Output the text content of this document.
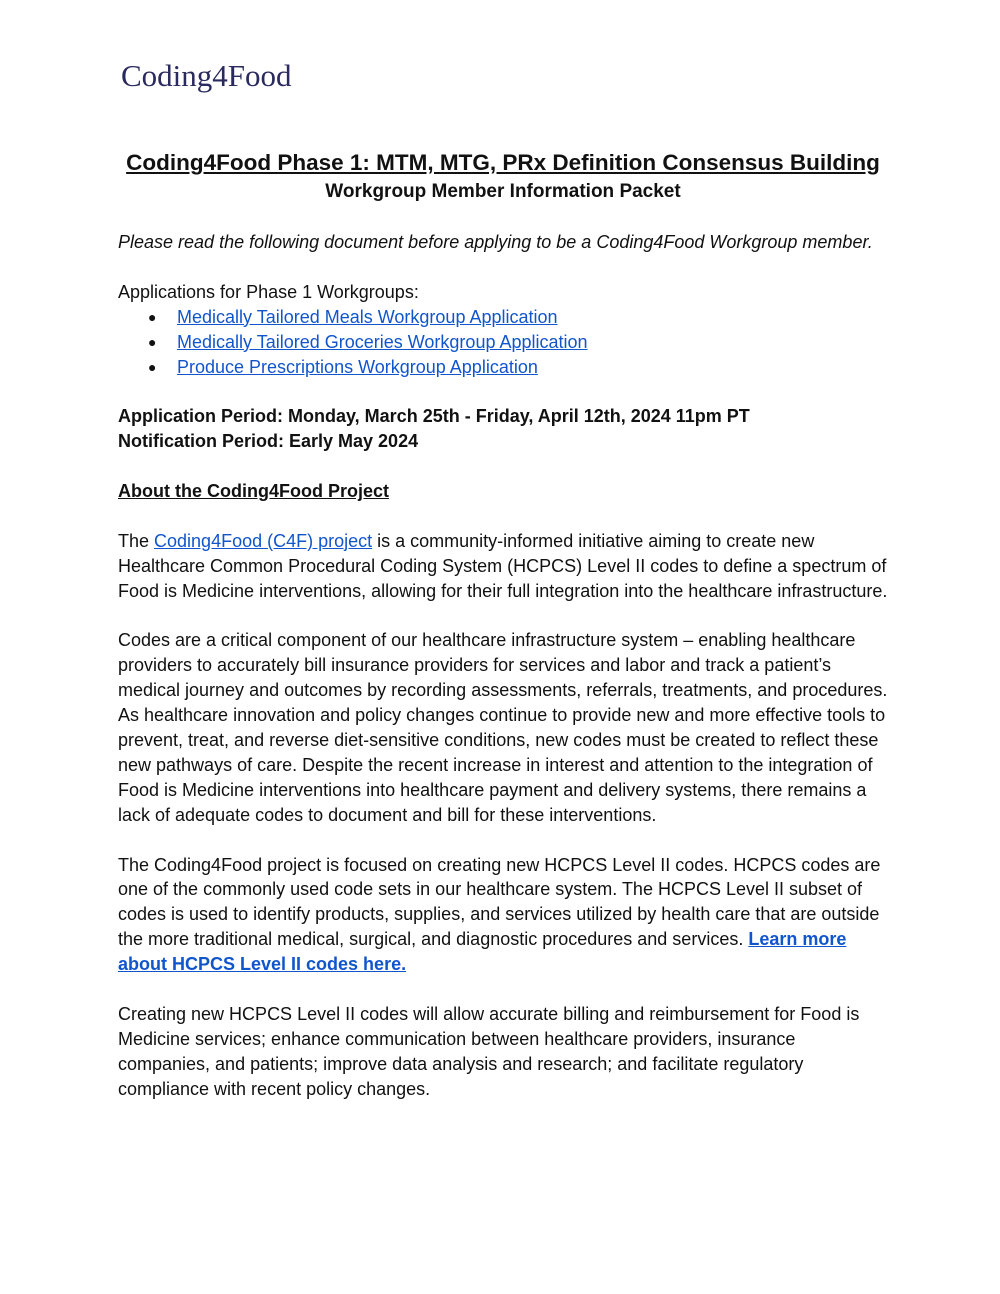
Coding4Food
Coding4Food Phase 1: MTM, MTG, PRx Definition Consensus Building
Workgroup Member Information Packet

Please read the following document before applying to be a Coding4Food Workgroup member.

Applications for Phase 1 Workgroups:

● Medically Tailored Meals Workgroup Application
● Medically Tailored Groceries Workgroup Application
● Produce Prescriptions Workgroup Application

Application Period: Monday, March 25th - Friday, April 12th, 2024 11pm PT

Notification Period: Early May 2024

About the Coding4Food Project

The Coding4Food (C4F) project is a community-informed initiative aiming to create new Healthcare Common Procedural Coding System (HCPCS) Level II codes to define a spectrum of Food is Medicine interventions, allowing for their full integration into the healthcare infrastructure.

Codes are a critical component of our healthcare infrastructure system – enabling healthcare providers to accurately bill insurance providers for services and labor and track a patient’s medical journey and outcomes by recording assessments, referrals, treatments, and procedures. As healthcare innovation and policy changes continue to provide new and more effective tools to prevent, treat, and reverse diet-sensitive conditions, new codes must be created to reflect these new pathways of care. Despite the recent increase in interest and attention to the integration of Food is Medicine interventions into healthcare payment and delivery systems, there remains a lack of adequate codes to document and bill for these interventions.

The Coding4Food project is focused on creating new HCPCS Level II codes. HCPCS codes are one of the commonly used code sets in our healthcare system. The HCPCS Level II subset of codes is used to identify products, supplies, and services utilized by health care that are outside the more traditional medical, surgical, and diagnostic procedures and services. Learn more about HCPCS Level II codes here.

Creating new HCPCS Level II codes will allow accurate billing and reimbursement for Food is Medicine services; enhance communication between healthcare providers, insurance companies, and patients; improve data analysis and research; and facilitate regulatory compliance with recent policy changes.
